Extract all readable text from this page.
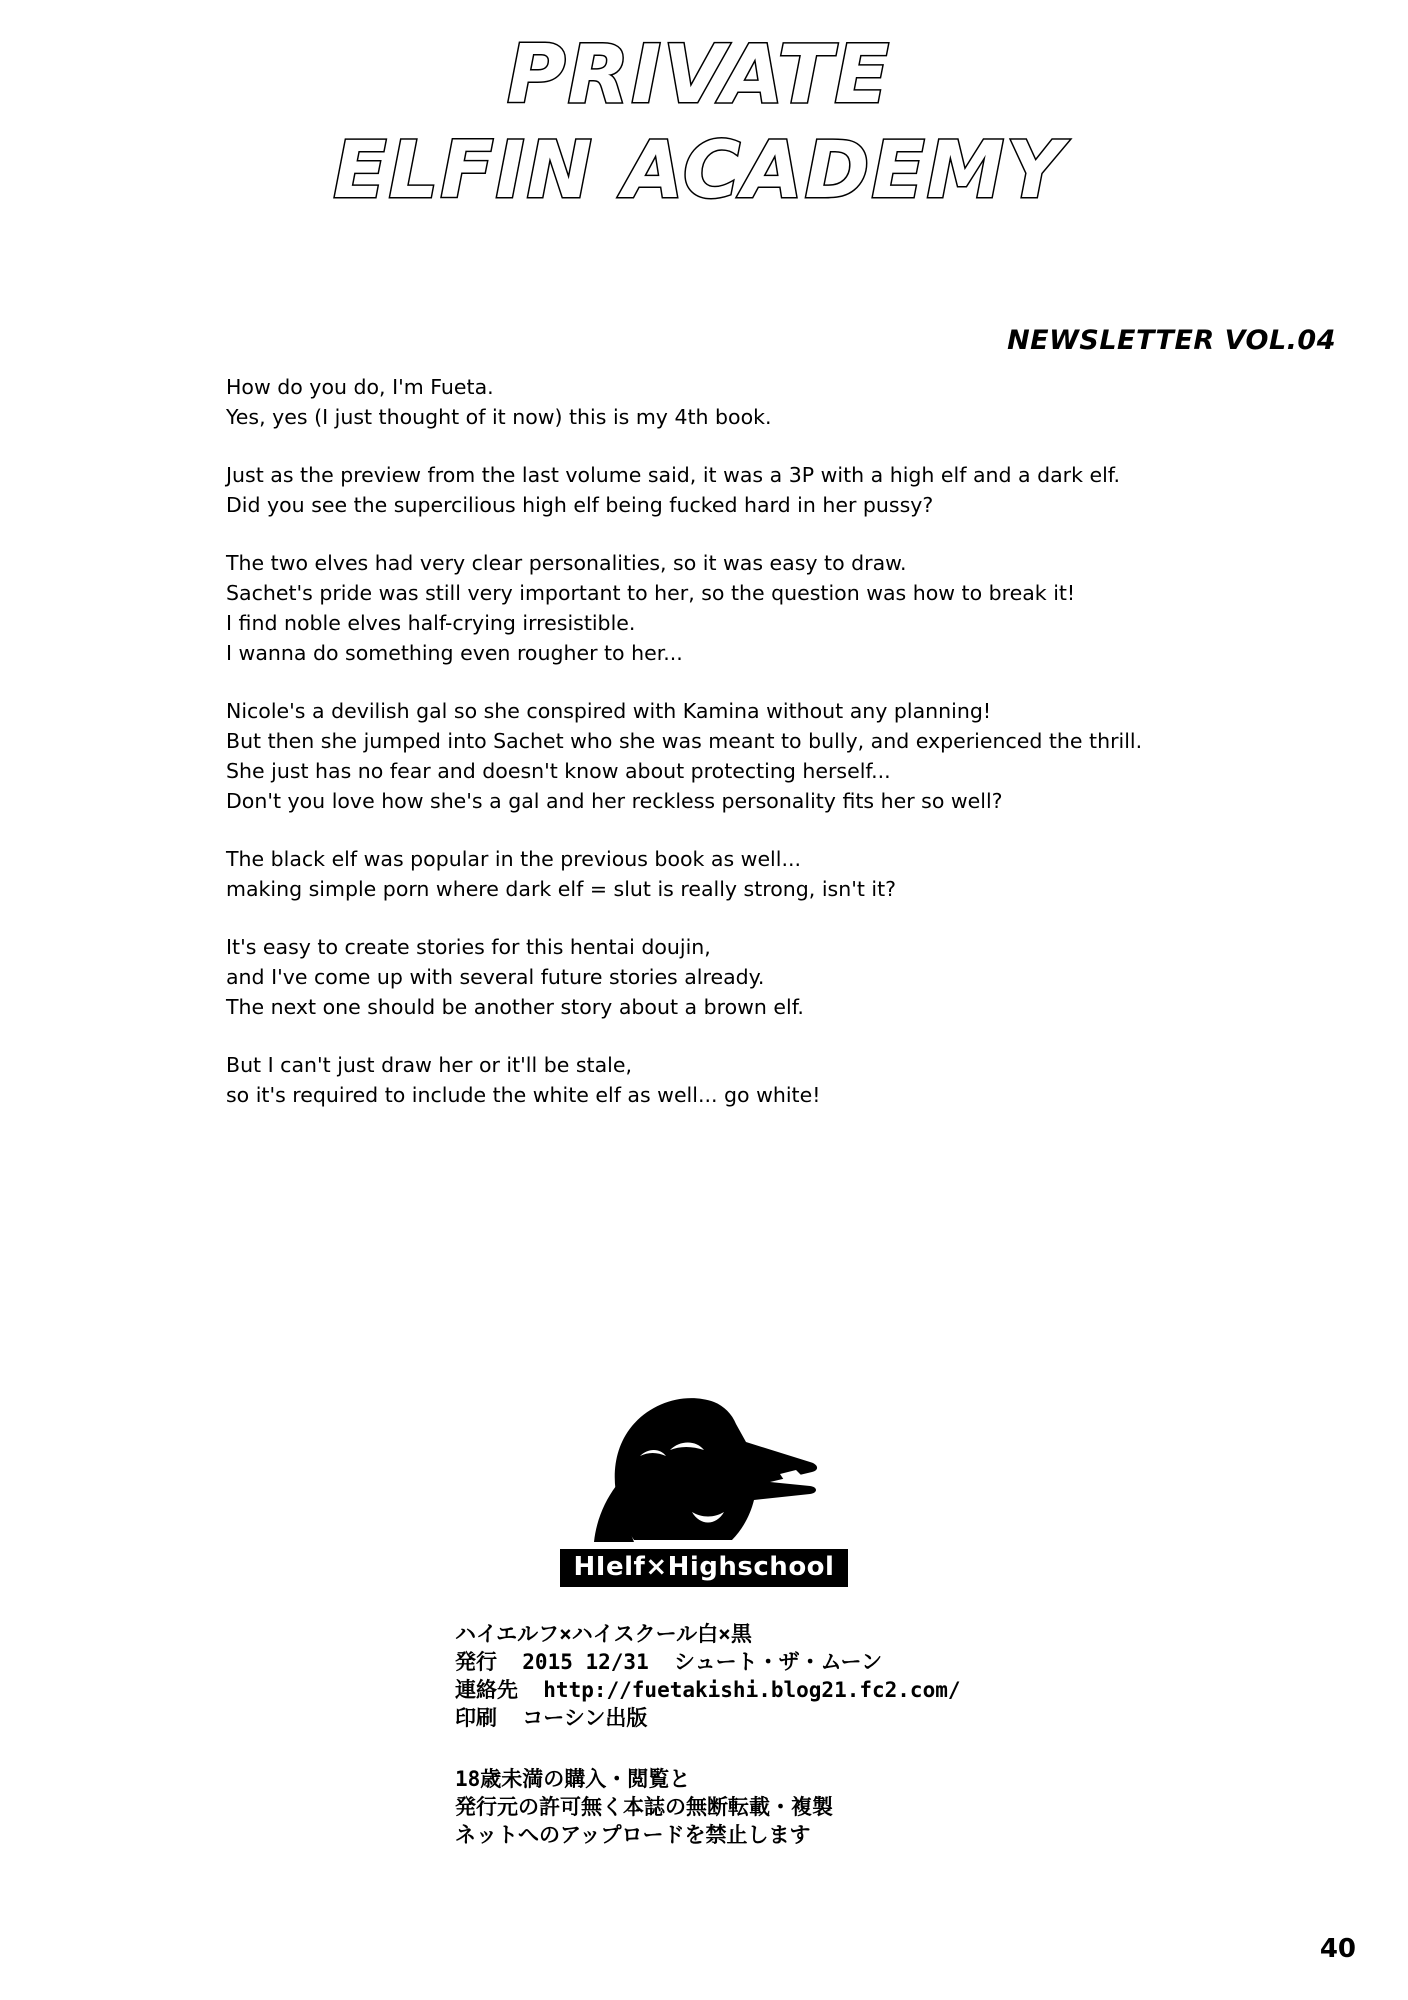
PRIVATE
ELFIN ACADEMY
NEWSLETTER VOL.04
How do you do, I'm Fueta.
Yes, yes (I just thought of it now) this is my 4th book.
Just as the preview from the last volume said, it was a 3P with a high elf and a dark elf.
Did you see the supercilious high elf being fucked hard in her pussy?
The two elves had very clear personalities, so it was easy to draw.
Sachet's pride was still very important to her, so the question was how to break it!
I find noble elves half-crying irresistible.
I wanna do something even rougher to her...
Nicole's a devilish gal so she conspired with Kamina without any planning!
But then she jumped into Sachet who she was meant to bully, and experienced the thrill.
She just has no fear and doesn't know about protecting herself...
Don't you love how she's a gal and her reckless personality fits her so well?
The black elf was popular in the previous book as well...
making simple porn where dark elf = slut is really strong, isn't it?
It's easy to create stories for this hentai doujin,
and I've come up with several future stories already.
The next one should be another story about a brown elf.
But I can't just draw her or it'll be stale,
so it's required to include the white elf as well... go white!
HIelf×Highschool
ハイエルフ×ハイスクール白×黒
発行  2015 12/31  シュート・ザ・ムーン
連絡先  http://fuetakishi.blog21.fc2.com/
印刷  コーシン出版
18歳未満の購入・閲覧と
発行元の許可無く本誌の無断転載・複製
ネットへのアップロードを禁止します
40
